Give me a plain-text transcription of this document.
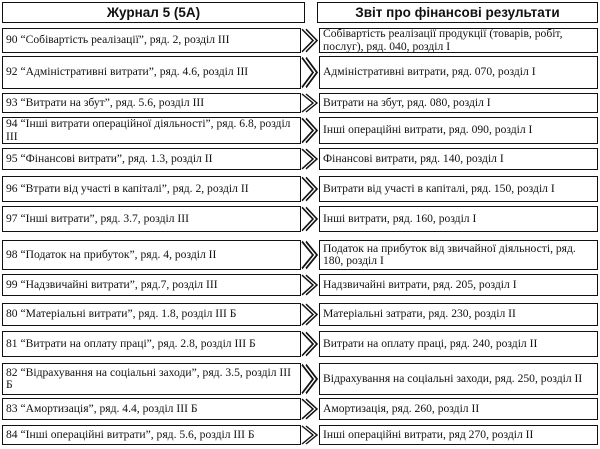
Журнал 5 (5А)	Звіт про фінансові результати
90 “Собівартість реалізації”, ряд. 2, розділ III	Собівартість реалізації продукції (товарів, робіт, послуг), ряд. 040, розділ I
92 “Адміністративні витрати”, ряд. 4.6, розділ III	Адміністративні витрати, ряд. 070, розділ I
93 “Витрати на збут”, ряд. 5.6, розділ III	Витрати на збут, ряд. 080, розділ I
94 “Інші витрати операційної діяльності”, ряд. 6.8, розділ III	Інші операційні витрати, ряд. 090, розділ I
95 “Фінансові витрати”, ряд. 1.3, розділ II	Фінансові витрати, ряд. 140, розділ I
96 “Втрати від участі в капіталі”, ряд. 2, розділ II	Витрати від участі в капіталі, ряд. 150, розділ I
97 “Інші витрати”, ряд. 3.7, розділ III	Інші витрати, ряд. 160, розділ I
98 “Податок на прибуток”, ряд. 4, розділ II	Податок на прибуток від звичайної діяльності, ряд. 180, розділ I
99 “Надзвичайні витрати”, ряд.7, розділ III	Надзвичайні витрати, ряд. 205, розділ I
80 “Матеріальні витрати”, ряд. 1.8, розділ III Б	Матеріальні затрати, ряд. 230, розділ II
81 “Витрати на оплату праці”, ряд. 2.8, розділ III Б	Витрати на оплату праці, ряд. 240, розділ II
82 “Відрахування на соціальні заходи”, ряд. 3.5, розділ III Б	Відрахування на соціальні заходи, ряд. 250, розділ II
83 “Амортизація”, ряд. 4.4, розділ III Б	Амортизація, ряд. 260, розділ II
84 “Інші операційні витрати”, ряд. 5.6, розділ III Б	Інші операційні витрати, ряд 270, розділ II
